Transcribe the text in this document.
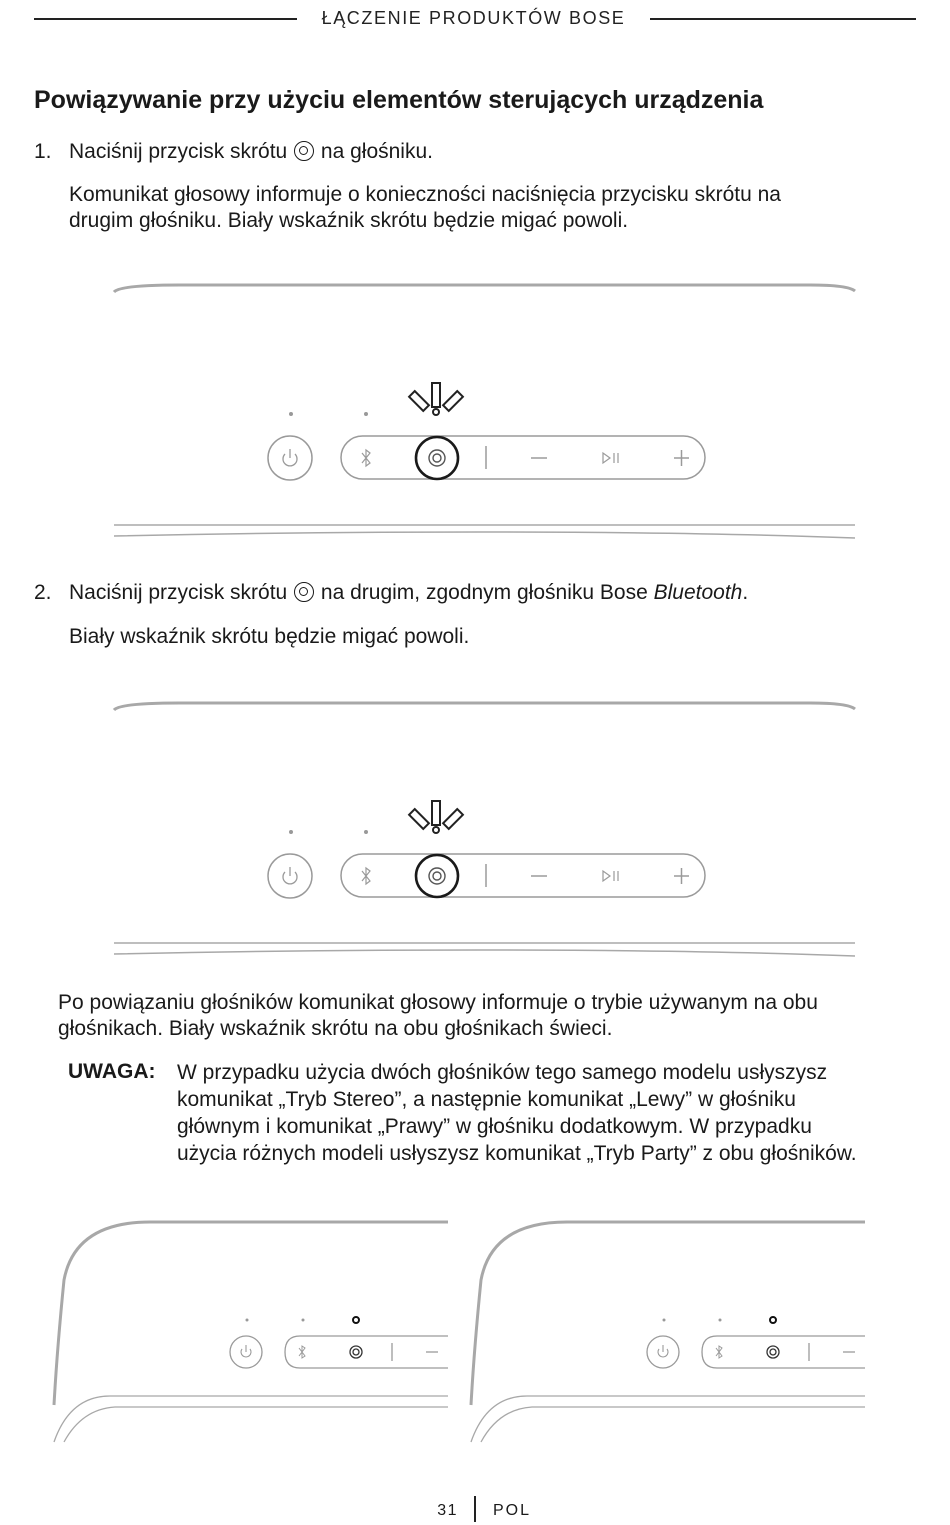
ŁĄCZENIE PRODUKTÓW BOSE
Powiązywanie przy użyciu elementów sterujących urządzenia
1. Naciśnij przycisk skrótu na głośniku.
Komunikat głosowy informuje o konieczności naciśnięcia przycisku skrótu na
drugim głośniku. Biały wskaźnik skrótu będzie migać powoli.
2. Naciśnij przycisk skrótu na drugim, zgodnym głośniku Bose Bluetooth.
Biały wskaźnik skrótu będzie migać powoli.
Po powiązaniu głośników komunikat głosowy informuje o trybie używanym na obu
głośnikach. Biały wskaźnik skrótu na obu głośnikach świeci.
UWAGA: W przypadku użycia dwóch głośników tego samego modelu usłyszysz
komunikat „Tryb Stereo”, a następnie komunikat „Lewy” w głośniku
głównym i komunikat „Prawy” w głośniku dodatkowym. W przypadku
użycia różnych modeli usłyszysz komunikat „Tryb Party” z obu głośników.
31 POL
